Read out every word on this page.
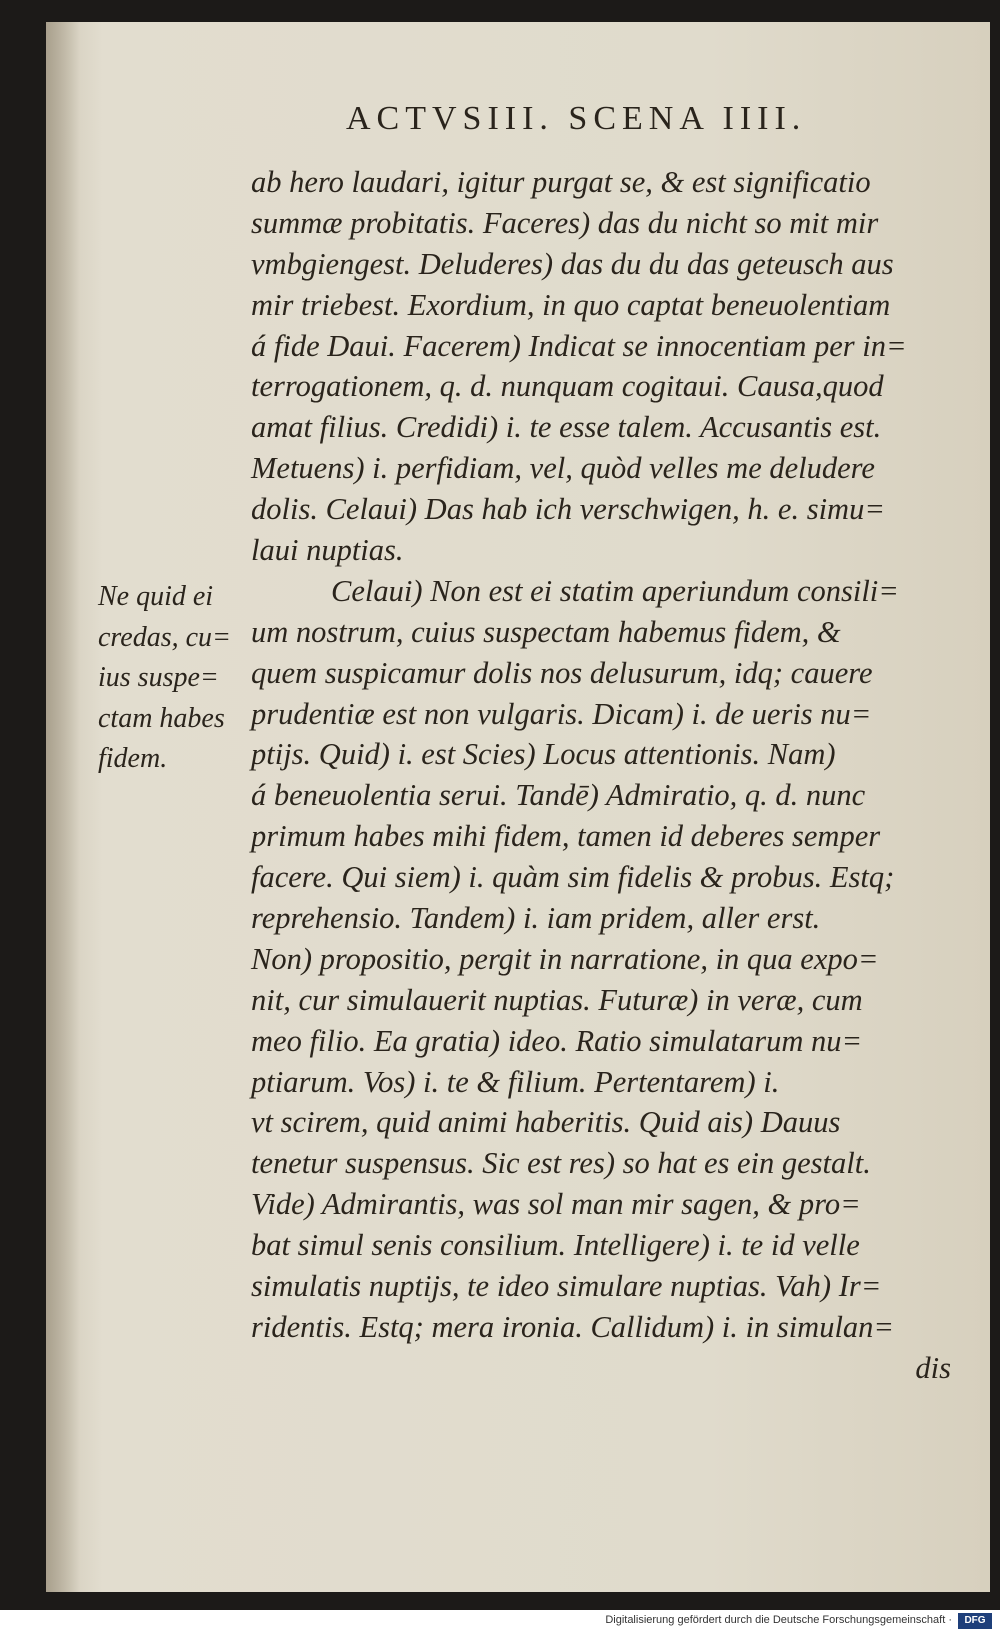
ACTVSIII. SCENA IIII.
Ne quid ei
credas, cu=
ius suspe=
ctam habes
fidem.
ab hero laudari, igitur purgat se, & est significatio
summæ probitatis. Faceres) das du nicht so mit mir
vmbgiengest. Deluderes) das du du das geteusch aus
mir triebest. Exordium, in quo captat beneuolentiam
á fide Daui. Facerem) Indicat se innocentiam per in=
terrogationem, q. d. nunquam cogitaui. Causa,quod
amat filius. Credidi) i. te esse talem. Accusantis est.
Metuens) i. perfidiam, vel, quòd velles me deludere
dolis. Celaui) Das hab ich verschwigen, h. e. simu=
laui nuptias.
Celaui) Non est ei statim aperiundum consili=
um nostrum, cuius suspectam habemus fidem, &
quem suspicamur dolis nos delusurum, idq; cauere
prudentiæ est non vulgaris. Dicam) i. de ueris nu=
ptijs. Quid) i. est Scies) Locus attentionis. Nam)
á beneuolentia serui. Tandē) Admiratio, q. d. nunc
primum habes mihi fidem, tamen id deberes semper
facere. Qui siem) i. quàm sim fidelis & probus. Estq;
reprehensio. Tandem) i. iam pridem, aller erst.
Non) propositio, pergit in narratione, in qua expo=
nit, cur simulauerit nuptias. Futuræ) in veræ, cum
meo filio. Ea gratia) ideo. Ratio simulatarum nu=
ptiarum. Vos) i. te & filium. Pertentarem) i.
vt scirem, quid animi haberitis. Quid ais) Dauus
tenetur suspensus. Sic est res) so hat es ein gestalt.
Vide) Admirantis, was sol man mir sagen, & pro=
bat simul senis consilium. Intelligere) i. te id velle
simulatis nuptijs, te ideo simulare nuptias. Vah) Ir=
ridentis. Estq; mera ironia. Callidum) i. in simulan=
dis
Digitalisierung gefördert durch die Deutsche Forschungsgemeinschaft ·	DFG
